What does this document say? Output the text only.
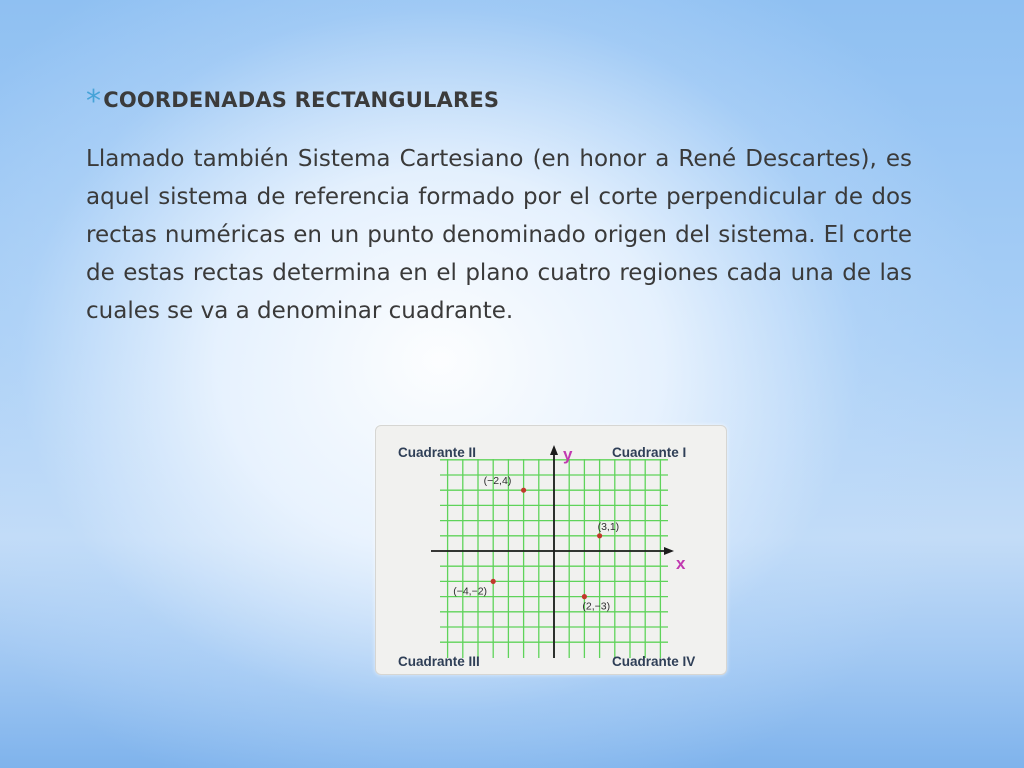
*COORDENADAS RECTANGULARES

Llamado también Sistema Cartesiano (en honor a René Descartes), es aquel sistema de referencia formado por el corte perpendicular de dos rectas numéricas en un punto denominado origen del sistema. El corte de estas rectas determina en el plano cuatro regiones cada una de las cuales se va a denominar cuadrante.

(−2,4)
(3,1)
(−4,−2)
(2,−3)
Cuadrante II	Cuadrante I
Cuadrante III	Cuadrante IV
y
x
